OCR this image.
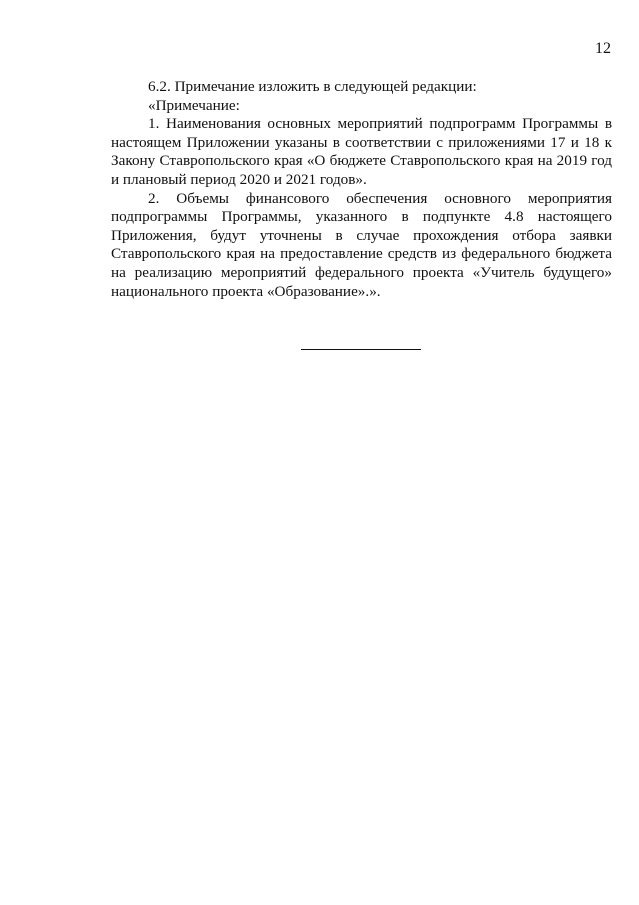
12

6.2. Примечание изложить в следующей редакции:

«Примечание:

1. Наименования основных мероприятий подпрограмм Программы в настоящем Приложении указаны в соответствии с приложениями 17 и 18 к Закону Ставропольского края «О бюджете Ставропольского края на 2019 год и плановый период 2020 и 2021 годов».

2. Объемы финансового обеспечения основного мероприятия подпрограммы Программы, указанного в подпункте 4.8 настоящего Приложения, будут уточнены в случае прохождения отбора заявки Ставропольского края на предоставление средств из федерального бюджета на реализацию мероприятий федерального проекта «Учитель будущего» национального проекта «Образование».».
